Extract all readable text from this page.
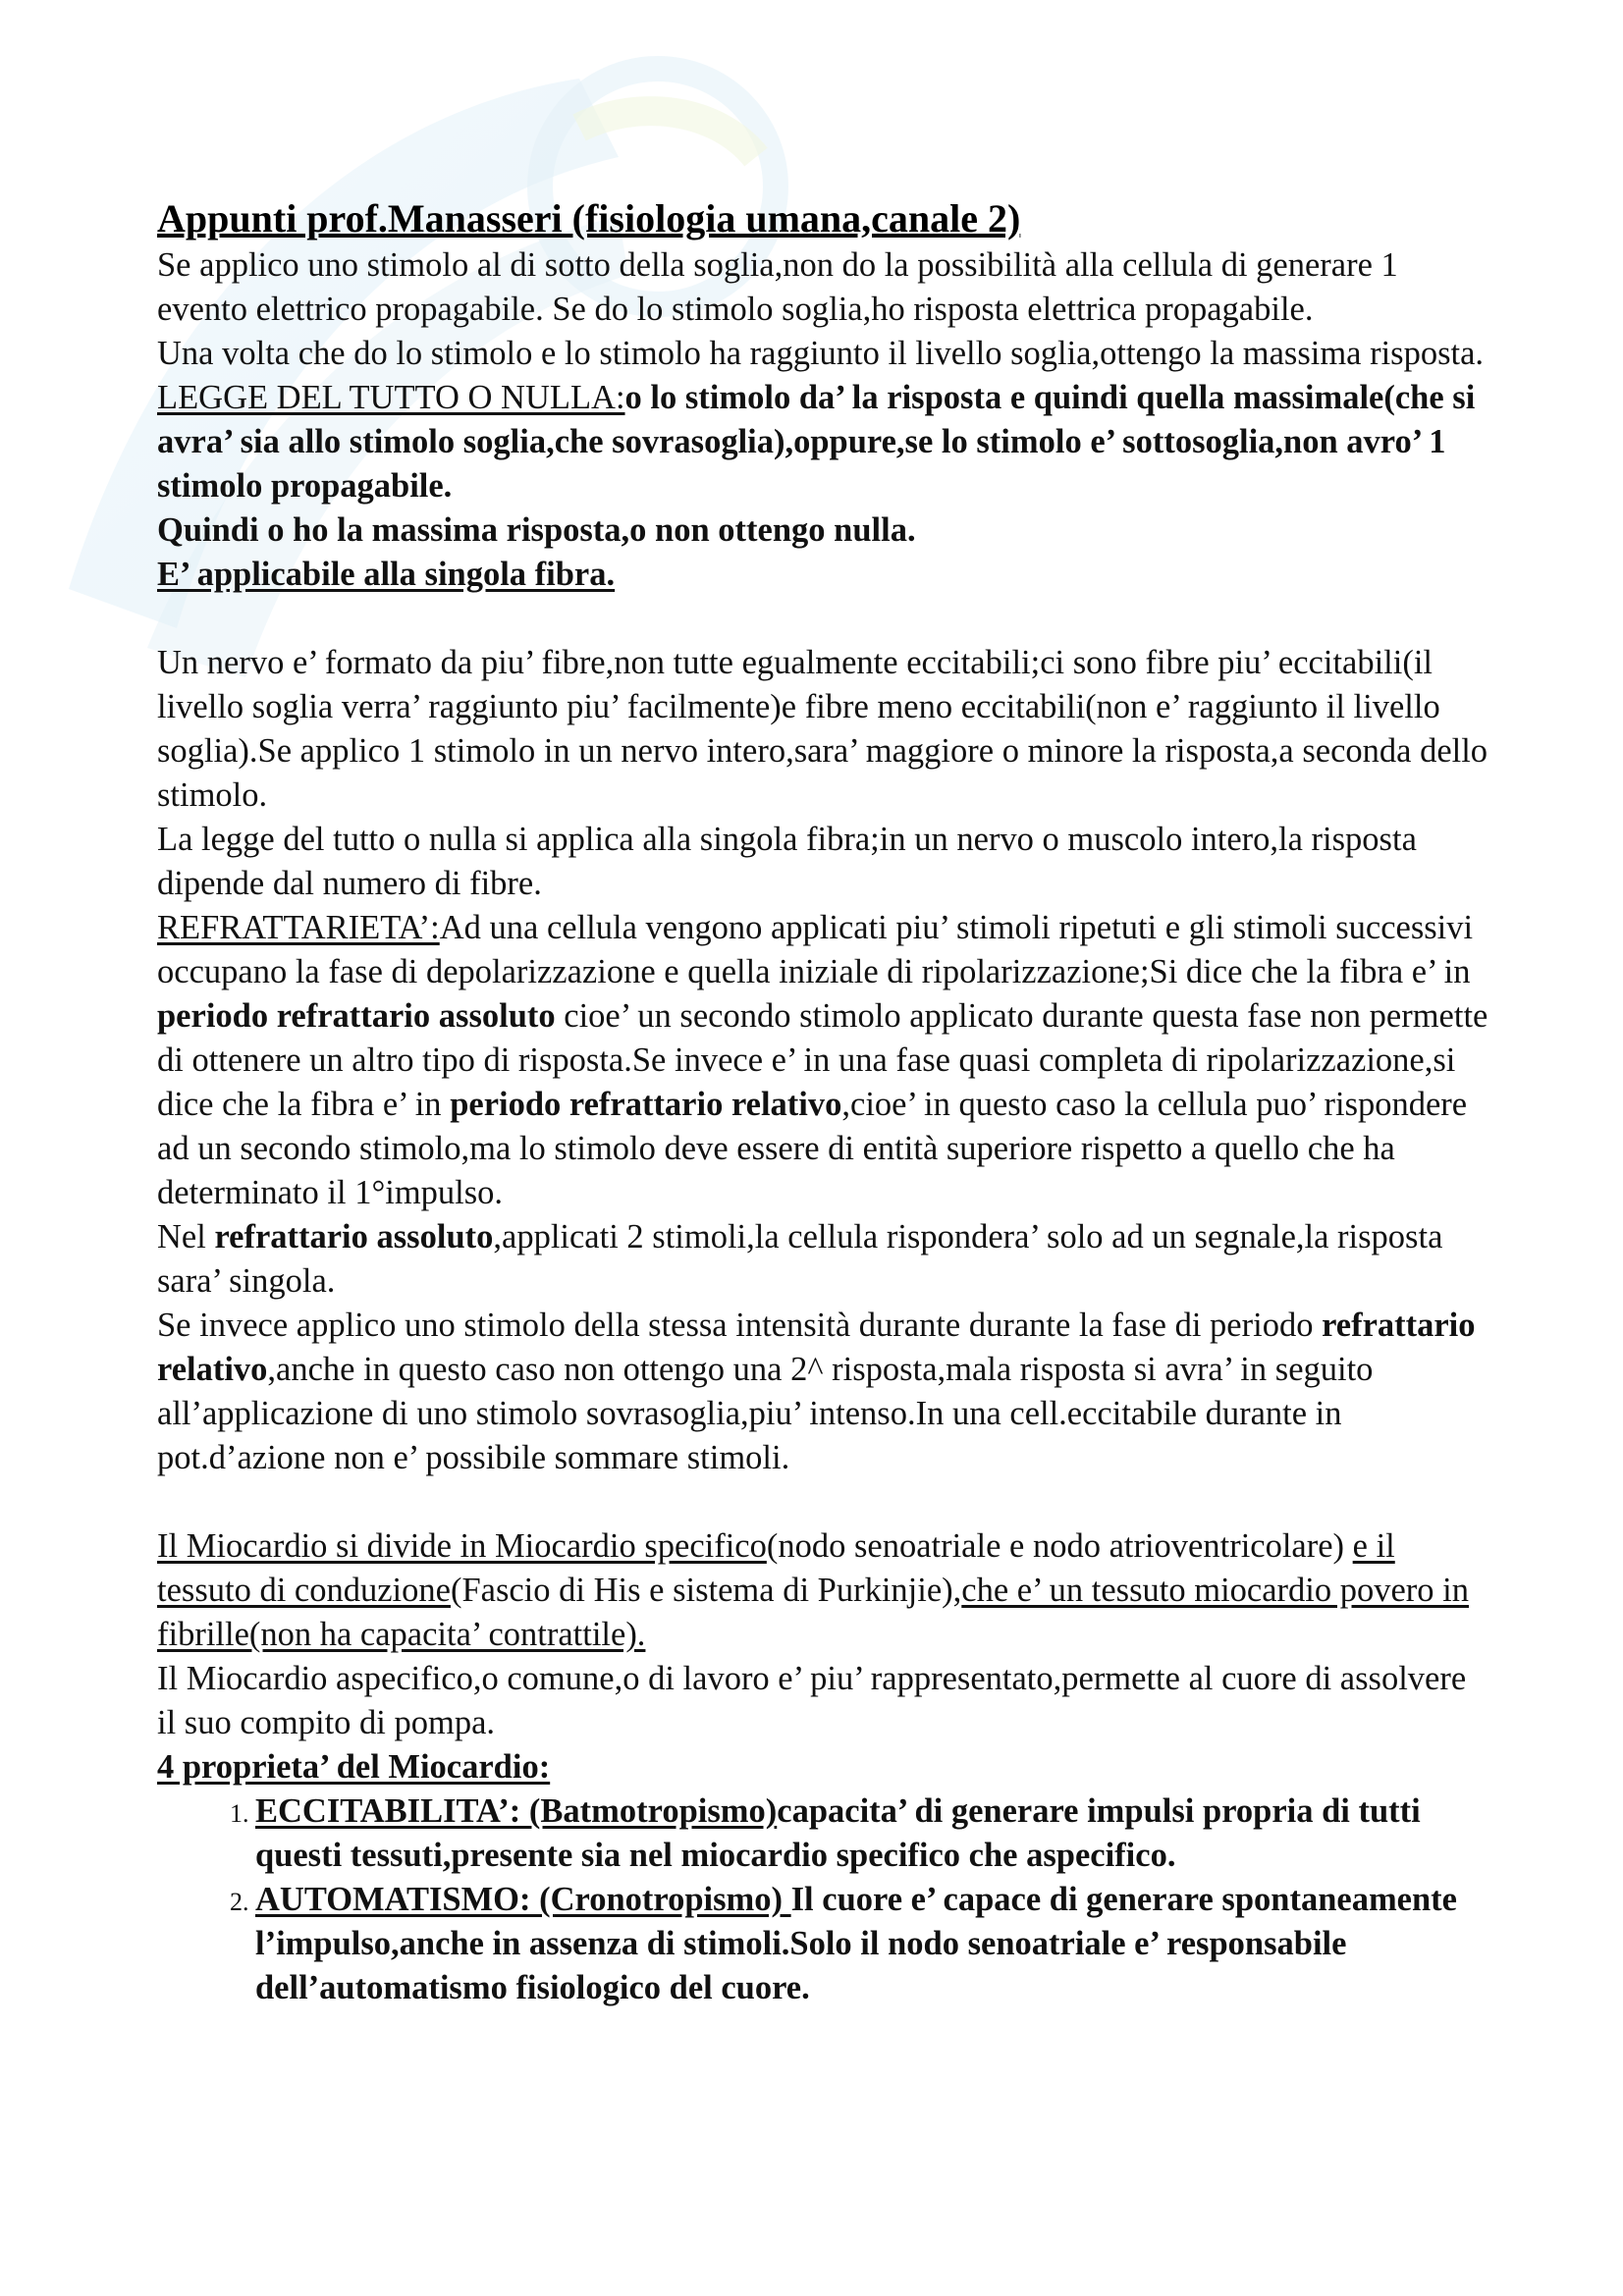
Appunti prof.Manasseri (fisiologia umana,canale 2)

Se applico uno stimolo al di sotto della soglia,non do la possibilità alla cellula di generare 1 evento elettrico propagabile. Se do lo stimolo soglia,ho risposta elettrica propagabile.

Una volta che do lo stimolo e lo stimolo ha raggiunto il livello soglia,ottengo la massima risposta.

LEGGE DEL TUTTO O NULLA:o lo stimolo da’ la risposta e quindi quella massimale(che si avra’ sia allo stimolo soglia,che sovrasoglia),oppure,se lo stimolo e’ sottosoglia,non avro’ 1 stimolo propagabile.

Quindi o ho la massima risposta,o non ottengo nulla.

E’ applicabile alla singola fibra.

Un nervo e’ formato da piu’ fibre,non tutte egualmente eccitabili;ci sono fibre piu’ eccitabili(il livello soglia verra’ raggiunto piu’ facilmente)e fibre meno eccitabili(non e’ raggiunto il livello soglia).Se applico 1 stimolo in un nervo intero,sara’ maggiore o minore la risposta,a seconda dello stimolo.

La legge del tutto o nulla si applica alla singola fibra;in un nervo o muscolo intero,la risposta dipende dal numero di fibre.

REFRATTARIETA’:Ad una cellula vengono applicati piu’ stimoli ripetuti e gli stimoli successivi occupano la fase di depolarizzazione e quella iniziale di ripolarizzazione;Si dice che la fibra e’ in periodo refrattario assoluto cioe’ un secondo stimolo applicato durante questa fase non permette di ottenere un altro tipo di risposta.Se invece e’ in una fase quasi completa di ripolarizzazione,si dice che la fibra e’ in periodo refrattario relativo,cioe’ in questo caso la cellula puo’ rispondere ad un secondo stimolo,ma lo stimolo deve essere di entità superiore rispetto a quello che ha determinato il 1°impulso.

Nel refrattario assoluto,applicati 2 stimoli,la cellula rispondera’ solo ad un segnale,la risposta sara’ singola.

Se invece applico uno stimolo della stessa intensità durante durante la fase di periodo refrattario relativo,anche in questo caso non ottengo una 2^ risposta,mala risposta si avra’ in seguito all’applicazione di uno stimolo sovrasoglia,piu’ intenso.In una cell.eccitabile durante in pot.d’azione non e’ possibile sommare stimoli.

Il Miocardio si divide in Miocardio specifico(nodo senoatriale e nodo atrioventricolare) e il tessuto di conduzione(Fascio di His e sistema di Purkinjie),che e’ un tessuto miocardio povero in fibrille(non ha capacita’ contrattile).

Il Miocardio aspecifico,o comune,o di lavoro e’ piu’ rappresentato,permette al cuore di assolvere il suo compito di pompa.

4 proprieta’ del Miocardio:

1. ECCITABILITA’: (Batmotropismo)capacita’ di generare impulsi propria di tutti questi tessuti,presente sia nel miocardio specifico che aspecifico.
2. AUTOMATISMO: (Cronotropismo) Il cuore e’ capace di generare spontaneamente l’impulso,anche in assenza di stimoli.Solo il nodo senoatriale e’ responsabile dell’automatismo fisiologico del cuore.
